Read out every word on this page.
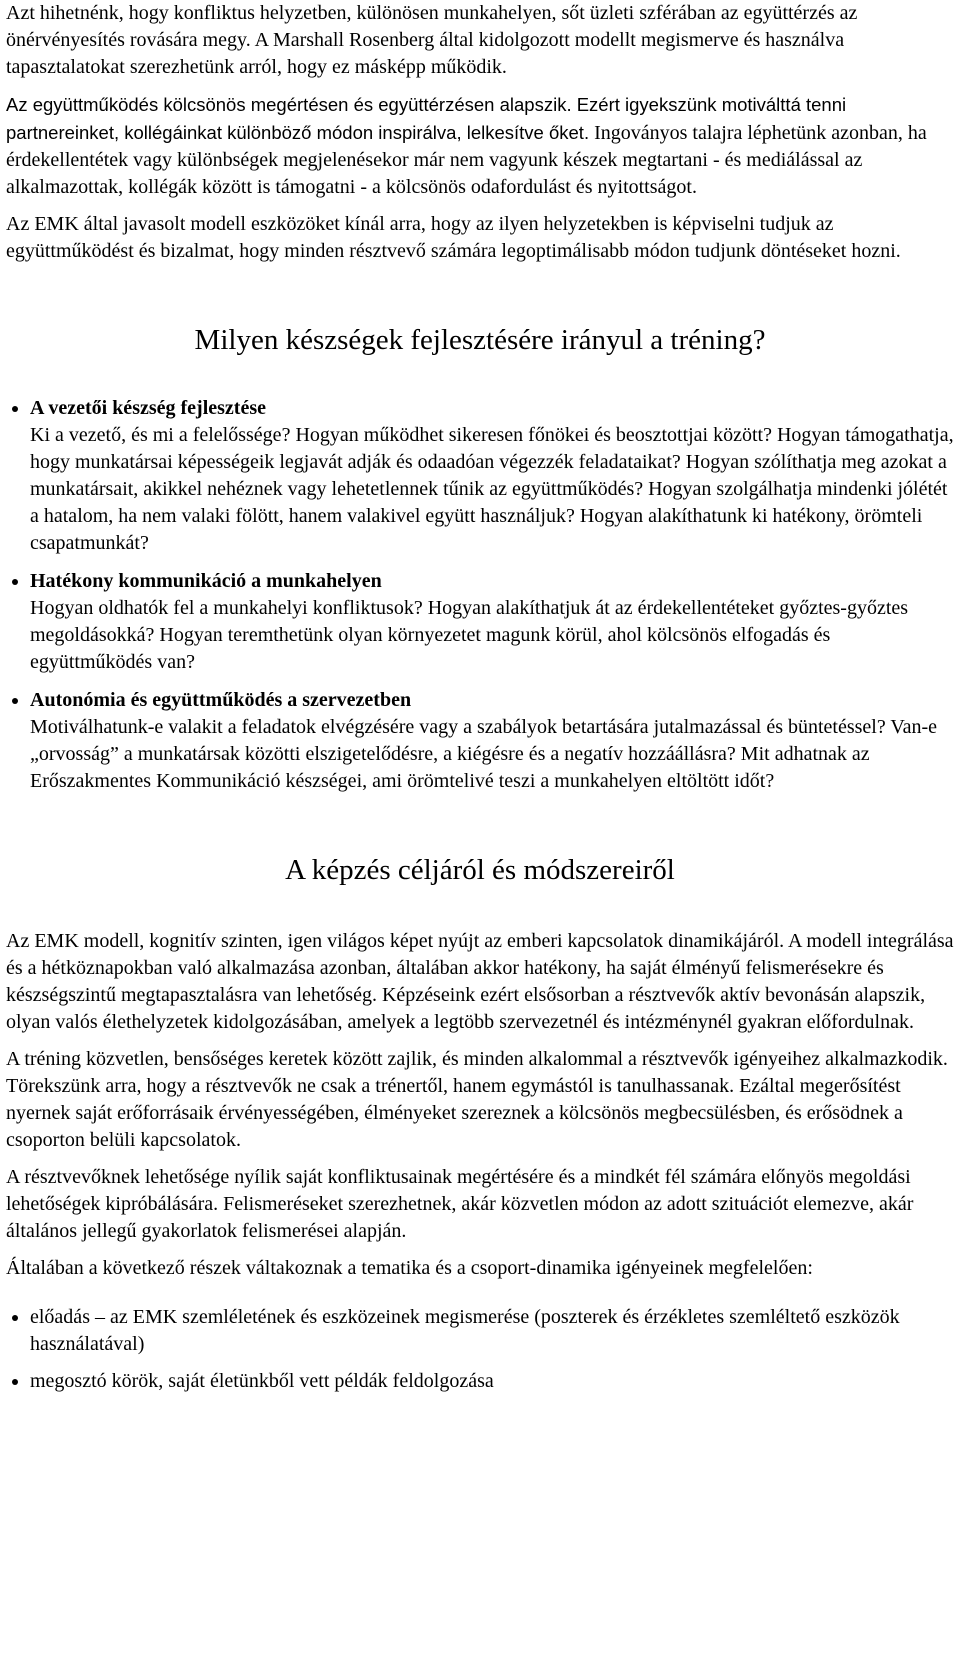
Azt hihetnénk, hogy konfliktus helyzetben, különösen munkahelyen, sőt üzleti szférában az együttérzés az önérvényesítés rovására megy. A Marshall Rosenberg által kidolgozott modellt megismerve és használva tapasztalatokat szerezhetünk arról, hogy ez másképp működik.

Az együttműködés kölcsönös megértésen és együttérzésen alapszik. Ezért igyekszünk motiválttá tenni partnereinket, kollégáinkat különböző módon inspirálva, lelkesítve őket. Ingoványos talajra léphetünk azonban, ha érdekellentétek vagy különbségek megjelenésekor már nem vagyunk készek megtartani - és mediálással az alkalmazottak, kollégák között is támogatni - a kölcsönös odafordulást és nyitottságot.

Az EMK által javasolt modell eszközöket kínál arra, hogy az ilyen helyzetekben is képviselni tudjuk az együttműködést és bizalmat, hogy minden résztvevő számára legoptimálisabb módon tudjunk döntéseket hozni.

Milyen készségek fejlesztésére irányul a tréning?
• A vezetői készség fejlesztése
Ki a vezető, és mi a felelőssége? Hogyan működhet sikeresen főnökei és beosztottjai között? Hogyan támogathatja, hogy munkatársai képességeik legjavát adják és odaadóan végezzék feladataikat? Hogyan szólíthatja meg azokat a munkatársait, akikkel nehéznek vagy lehetetlennek tűnik az együttműködés? Hogyan szolgálhatja mindenki jólétét a hatalom, ha nem valaki fölött, hanem valakivel együtt használjuk? Hogyan alakíthatunk ki hatékony, örömteli csapatmunkát?
• Hatékony kommunikáció a munkahelyen
Hogyan oldhatók fel a munkahelyi konfliktusok? Hogyan alakíthatjuk át az érdekellentéteket győztes-győztes megoldásokká? Hogyan teremthetünk olyan környezetet magunk körül, ahol kölcsönös elfogadás és együttműködés van?
• Autonómia és együttműködés a szervezetben
Motiválhatunk-e valakit a feladatok elvégzésére vagy a szabályok betartására jutalmazással és büntetéssel? Van-e „orvosság” a munkatársak közötti elszigetelődésre, a kiégésre és a negatív hozzáállásra? Mit adhatnak az Erőszakmentes Kommunikáció készségei, ami örömtelivé teszi a munkahelyen eltöltött időt?
A képzés céljáról és módszereiről

Az EMK modell, kognitív szinten, igen világos képet nyújt az emberi kapcsolatok dinamikájáról. A modell integrálása és a hétköznapokban való alkalmazása azonban, általában akkor hatékony, ha saját élményű felismerésekre és készségszintű megtapasztalásra van lehetőség. Képzéseink ezért elsősorban a résztvevők aktív bevonásán alapszik, olyan valós élethelyzetek kidolgozásában, amelyek a legtöbb szervezetnél és intézménynél gyakran előfordulnak.

A tréning közvetlen, bensőséges keretek között zajlik, és minden alkalommal a résztvevők igényeihez alkalmazkodik. Törekszünk arra, hogy a résztvevők ne csak a trénertől, hanem egymástól is tanulhassanak. Ezáltal megerősítést nyernek saját erőforrásaik érvényességében, élményeket szereznek a kölcsönös megbecsülésben, és erősödnek a csoporton belüli kapcsolatok.

A résztvevőknek lehetősége nyílik saját konfliktusainak megértésére és a mindkét fél számára előnyös megoldási lehetőségek kipróbálására. Felismeréseket szerezhetnek, akár közvetlen módon az adott szituációt elemezve, akár általános jellegű gyakorlatok felismerései alapján.

Általában a következő részek váltakoznak a tematika és a csoport-dinamika igényeinek megfelelően:

• előadás – az EMK szemléletének és eszközeinek megismerése (poszterek és érzékletes szemléltető eszközök használatával)
• megosztó körök, saját életünkből vett példák feldolgozása
